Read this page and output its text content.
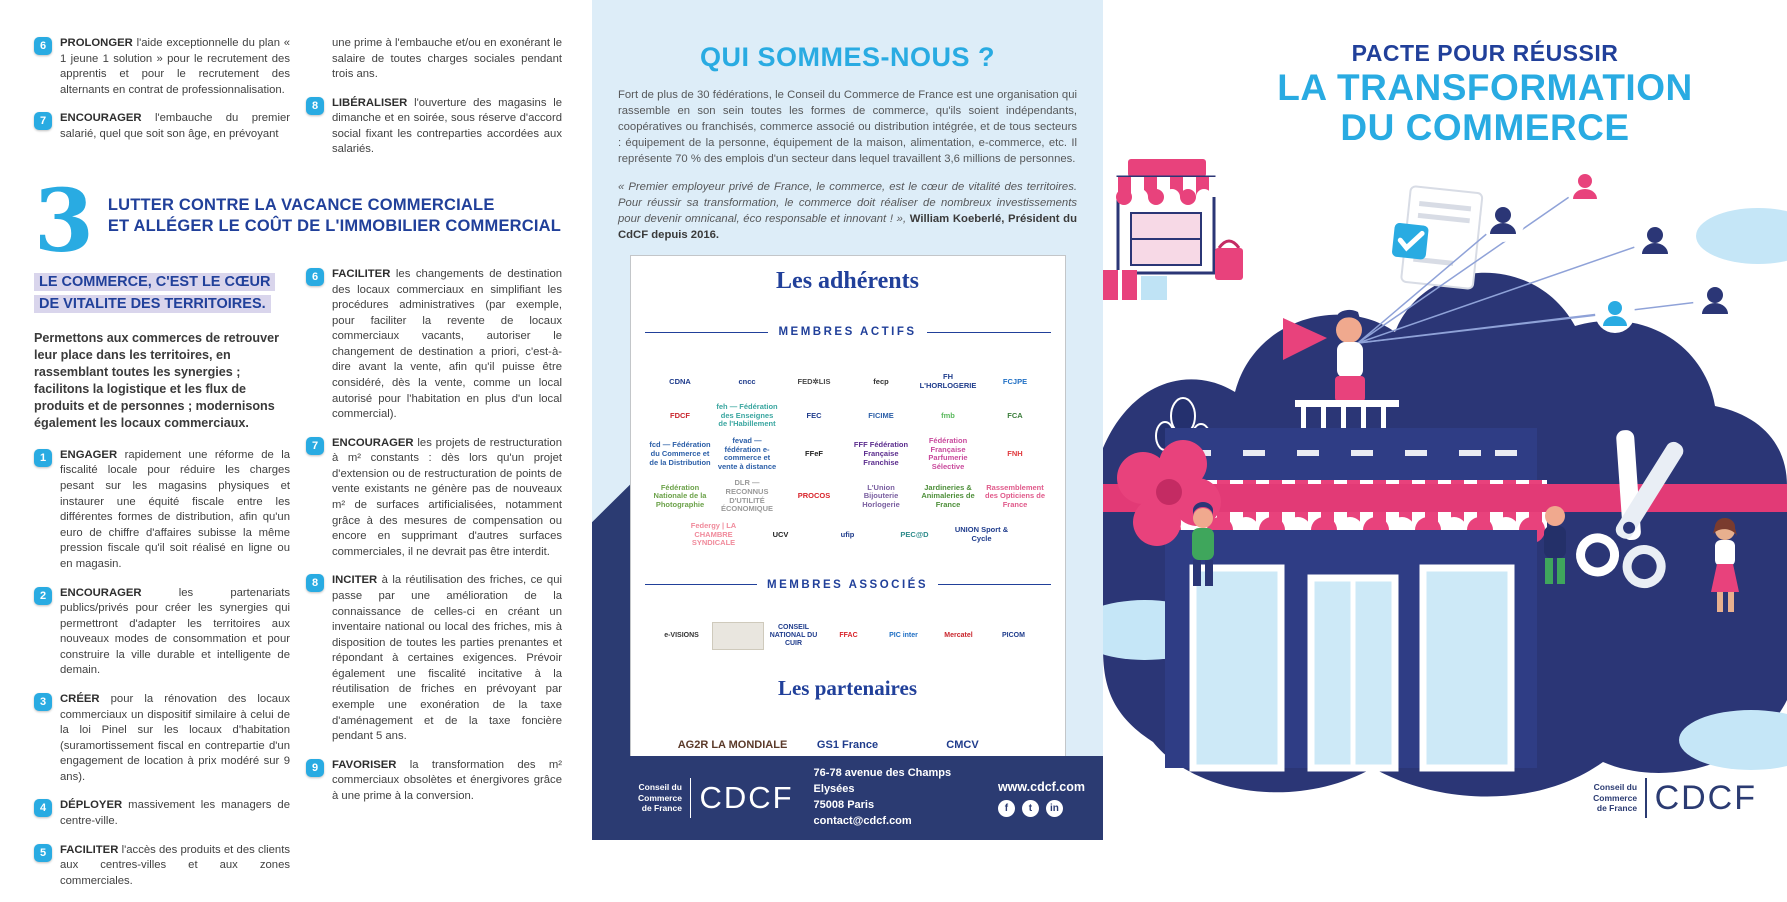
6	PROLONGER l'aide exceptionnelle du plan « 1 jeune 1 solution » pour le recrutement des apprentis et pour le recrutement des alternants en contrat de professionnalisation.

7	ENCOURAGER l'embauche du premier salarié, quel que soit son âge, en prévoyant

une prime à l'embauche et/ou en exonérant le salaire de toutes charges sociales pendant trois ans.

8	LIBÉRALISER l'ouverture des magasins le dimanche et en soirée, sous réserve d'accord social fixant les contreparties accordées aux salariés.

3 LUTTER CONTRE LA VACANCE COMMERCIALE
ET ALLÉGER LE COÛT DE L'IMMOBILIER COMMERCIAL
LE COMMERCE, C'EST LE CŒUR DE VITALITE DES TERRITOIRES.

Permettons aux commerces de retrouver leur place dans les territoires, en rassemblant toutes les synergies ; facilitons la logistique et les flux de produits et de personnes ; modernisons également les locaux commerciaux.

1	ENGAGER rapidement une réforme de la fiscalité locale pour réduire les charges pesant sur les magasins physiques et instaurer une équité fiscale entre les différentes formes de distribution, afin qu'un euro de chiffre d'affaires subisse la même pression fiscale qu'il soit réalisé en ligne ou en magasin.

2	ENCOURAGER	les partenariats publics/privés pour créer les synergies qui permettront d'adapter les territoires aux nouveaux modes de consommation et pour construire la ville durable et intelligente de demain.

3	CRÉER pour la rénovation des locaux commerciaux un dispositif similaire à celui de la loi Pinel sur les locaux d'habitation (suramortissement fiscal en contrepartie d'un engagement de location à prix modéré sur 9 ans).

4	DÉPLOYER massivement les managers de centre-ville.

5	FACILITER l'accès des produits et des clients aux centres-villes et aux zones commerciales.

6	FACILITER les changements de destination des locaux commerciaux en simplifiant les procédures administratives (par exemple, pour faciliter la revente de locaux commerciaux vacants, autoriser le changement de destination a priori, c'est-à-dire avant la vente, afin qu'il puisse être considéré, dès la vente, comme un local autorisé pour l'habitation en plus d'un local commercial).

7	ENCOURAGER les projets de restructuration à m² constants : dès lors qu'un projet d'extension ou de restructuration de points de vente existants ne génère pas de nouveaux m² de surfaces artificialisées, notamment grâce à des mesures de compensation ou encore en supprimant d'autres surfaces commerciales, il ne devrait pas être interdit.

8	INCITER à la réutilisation des friches, ce qui passe par une amélioration de la connaissance de celles-ci en créant un inventaire national ou local des friches, mis à disposition de toutes les parties prenantes et répondant à certaines exigences. Prévoir également une fiscalité incitative à la réutilisation de friches en prévoyant par exemple une exonération de la taxe d'aménagement et de la taxe foncière pendant 5 ans.

9	FAVORISER la transformation des m² commerciaux obsolètes et énergivores grâce à une prime à la conversion.

QUI SOMMES-NOUS ?

Fort de plus de 30 fédérations, le Conseil du Commerce de France est une organisation qui rassemble en son sein toutes les formes de commerce, qu'ils soient indépendants, coopératives ou franchisés, commerce associé ou distribution intégrée, et de tous secteurs : équipement de la personne, équipement de la maison, alimentation, e-commerce, etc. Il représente 70 % des emplois d'un secteur dans lequel travaillent 3,6 millions de personnes.

« Premier employeur privé de France, le commerce, est le cœur de vitalité des territoires. Pour réussir sa transformation, le commerce doit réaliser de nombreux investissements pour devenir omnicanal, éco responsable et innovant ! », William Koeberlé, Président du CdCF depuis 2016.

Les adhérents
MEMBRES ACTIFS
CDNA	cncc	FED✲LIS	fecp	FH L'HORLOGERIE	FCJPE
FDCF
feh — Fédération des Enseignes de l'Habillement
FEC	FICIME	fmb	FCA
fcd — Fédération du Commerce et de la Distribution
fevad — fédération e-commerce et vente à distance
FFeF
FFF Fédération Française Franchise
Fédération Française Parfumerie Sélective
FNH
Fédération Nationale de la Photographie
DLR — RECONNUS D'UTILITÉ ÉCONOMIQUE
PROCOS
L'Union Bijouterie Horlogerie
Jardineries & Animaleries de France
Rassemblement des Opticiens de France
Federgy | LA CHAMBRE SYNDICALE
UCV	ufip	PEC@D	UNION Sport & Cycle
MEMBRES ASSOCIÉS
e-VISIONS
CONSEIL NATIONAL DU CUIR
FFAC	PIC inter	Mercatel	PICOM
Les partenaires
AG2R LA MONDIALE	GS1 France	CMCV
Conseil du
Commerce
de France CDCF
76-78 avenue des Champs Elysées
75008 Paris
contact@cdcf.com

www.cdcf.com

f	t	in

PACTE POUR RÉUSSIR

LA TRANSFORMATION

DU COMMERCE

Conseil du
Commerce
de France CDCF
